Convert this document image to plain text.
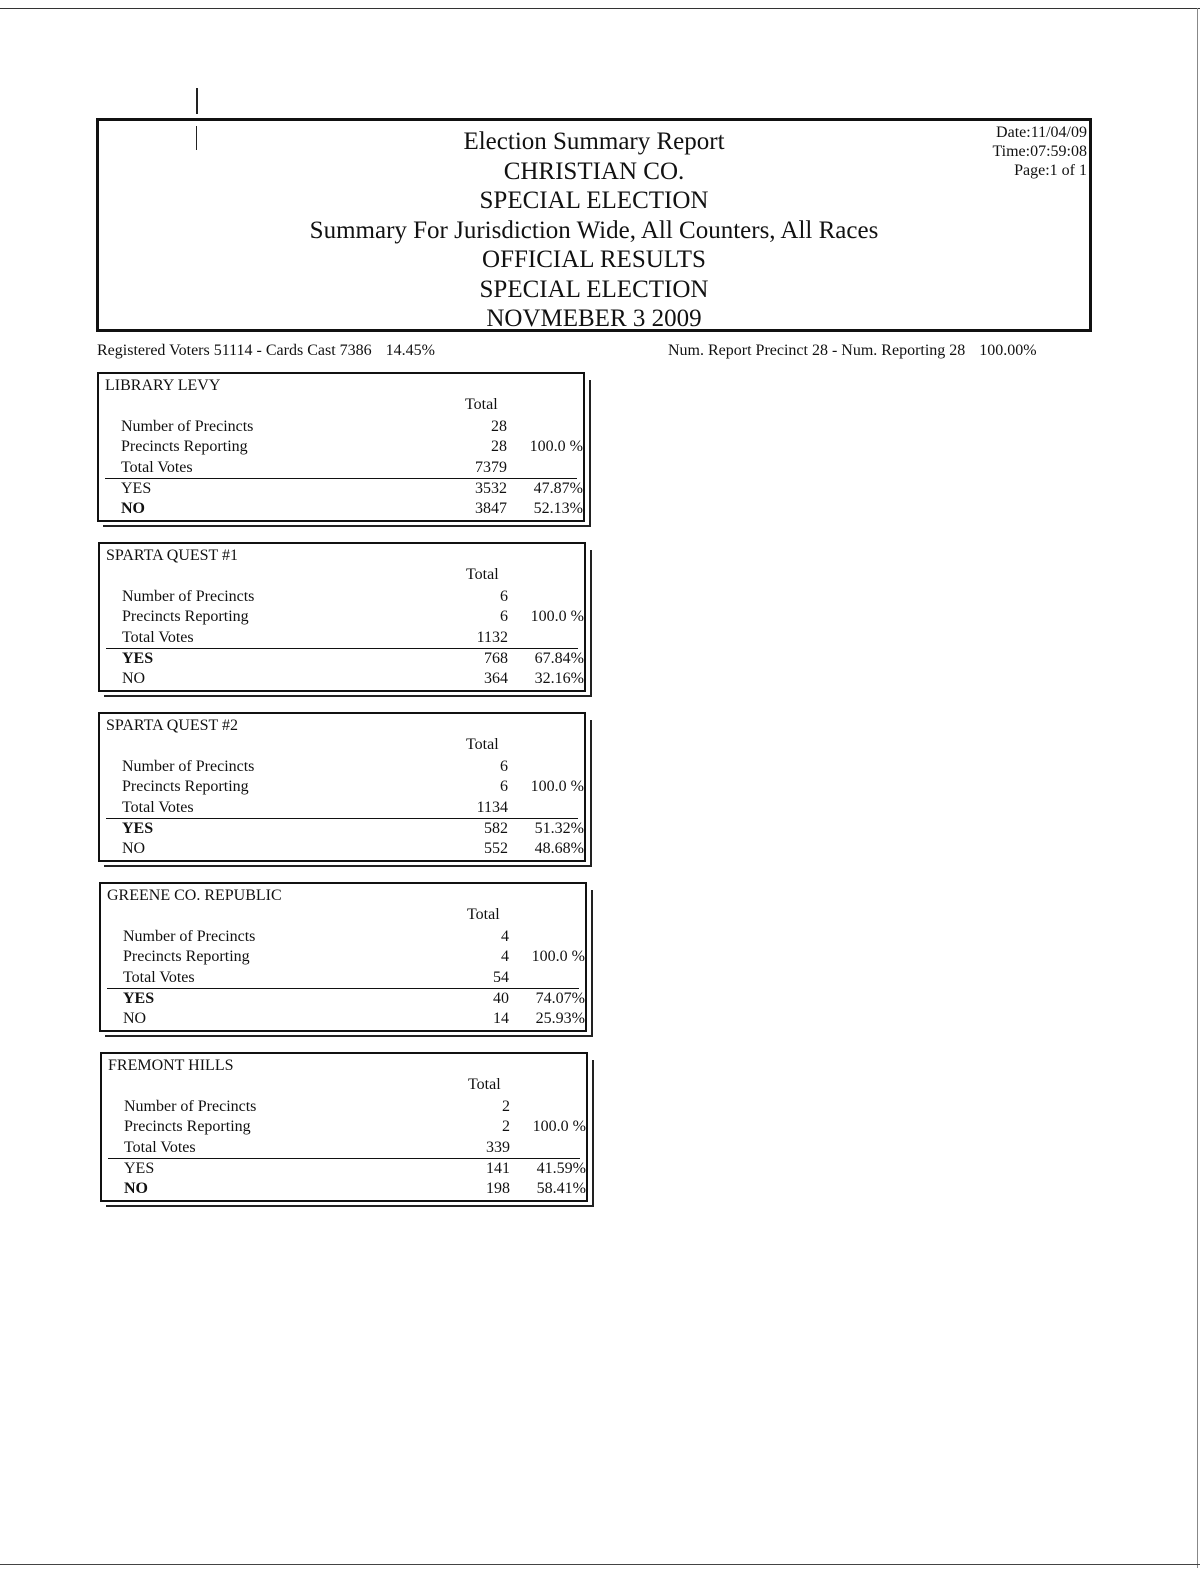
Election Summary Report
CHRISTIAN CO.
SPECIAL ELECTION
Summary For Jurisdiction Wide, All Counters, All Races
OFFICIAL RESULTS
SPECIAL ELECTION
NOVMEBER 3 2009
Date:11/04/09
Time:07:59:08
Page:1 of 1
Registered Voters 51114 - Cards Cast 7386 14.45%	Num. Report Precinct 28 - Num. Reporting 28 100.00%
LIBRARY LEVY
Total
Number of Precincts	28
Precincts Reporting	28 100.0 %
Total Votes	7379
YES	3532 47.87%
NO	3847 52.13%
SPARTA QUEST #1
Total
Number of Precincts	6
Precincts Reporting	6 100.0 %
Total Votes	1132
YES	768 67.84%
NO	364 32.16%
SPARTA QUEST #2
Total
Number of Precincts	6
Precincts Reporting	6 100.0 %
Total Votes	1134
YES	582 51.32%
NO	552 48.68%
GREENE CO. REPUBLIC
Total
Number of Precincts	4
Precincts Reporting	4 100.0 %
Total Votes	54
YES	40 74.07%
NO	14 25.93%
FREMONT HILLS
Total
Number of Precincts	2
Precincts Reporting	2 100.0 %
Total Votes	339
YES	141 41.59%
NO	198 58.41%
